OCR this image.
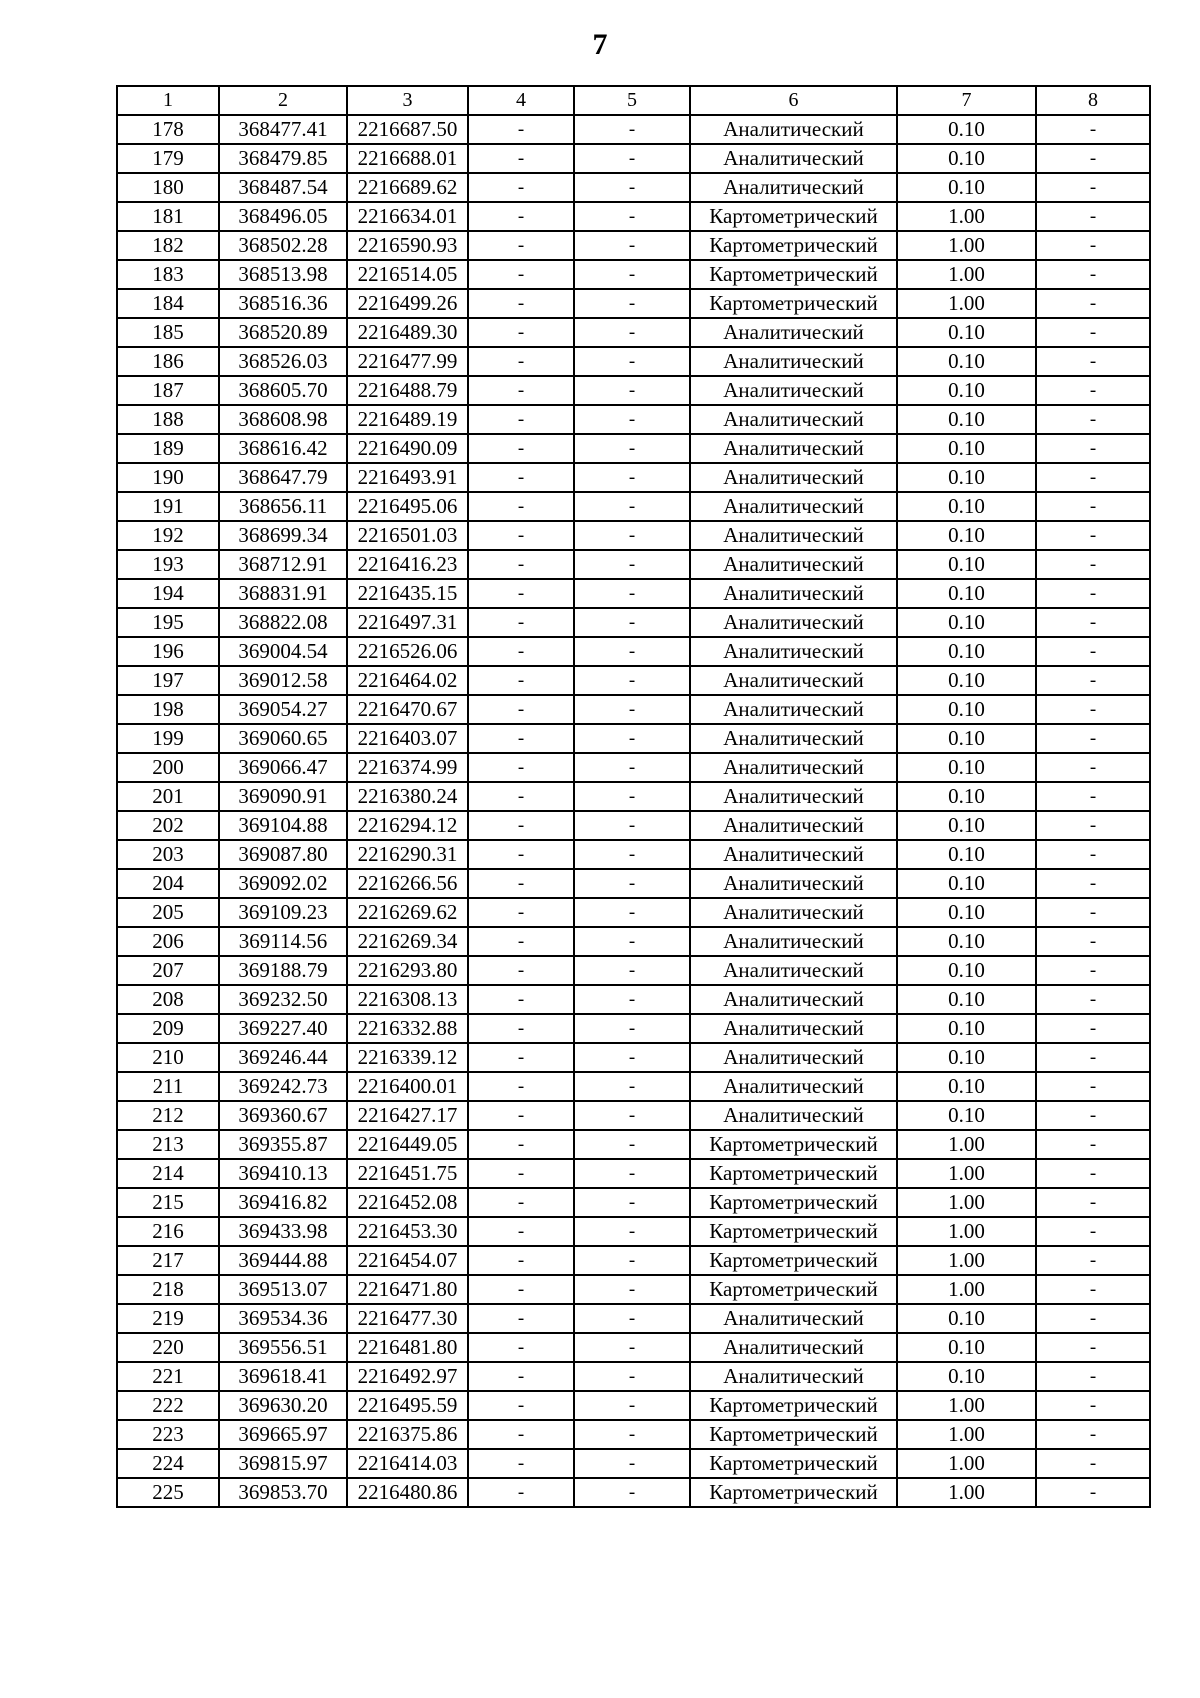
7
1	2	3	4	5	6	7	8
178	368477.41	2216687.50	-	-	Аналитический	0.10	-
179	368479.85	2216688.01	-	-	Аналитический	0.10	-
180	368487.54	2216689.62	-	-	Аналитический	0.10	-
181	368496.05	2216634.01	-	-	Картометрический	1.00	-
182	368502.28	2216590.93	-	-	Картометрический	1.00	-
183	368513.98	2216514.05	-	-	Картометрический	1.00	-
184	368516.36	2216499.26	-	-	Картометрический	1.00	-
185	368520.89	2216489.30	-	-	Аналитический	0.10	-
186	368526.03	2216477.99	-	-	Аналитический	0.10	-
187	368605.70	2216488.79	-	-	Аналитический	0.10	-
188	368608.98	2216489.19	-	-	Аналитический	0.10	-
189	368616.42	2216490.09	-	-	Аналитический	0.10	-
190	368647.79	2216493.91	-	-	Аналитический	0.10	-
191	368656.11	2216495.06	-	-	Аналитический	0.10	-
192	368699.34	2216501.03	-	-	Аналитический	0.10	-
193	368712.91	2216416.23	-	-	Аналитический	0.10	-
194	368831.91	2216435.15	-	-	Аналитический	0.10	-
195	368822.08	2216497.31	-	-	Аналитический	0.10	-
196	369004.54	2216526.06	-	-	Аналитический	0.10	-
197	369012.58	2216464.02	-	-	Аналитический	0.10	-
198	369054.27	2216470.67	-	-	Аналитический	0.10	-
199	369060.65	2216403.07	-	-	Аналитический	0.10	-
200	369066.47	2216374.99	-	-	Аналитический	0.10	-
201	369090.91	2216380.24	-	-	Аналитический	0.10	-
202	369104.88	2216294.12	-	-	Аналитический	0.10	-
203	369087.80	2216290.31	-	-	Аналитический	0.10	-
204	369092.02	2216266.56	-	-	Аналитический	0.10	-
205	369109.23	2216269.62	-	-	Аналитический	0.10	-
206	369114.56	2216269.34	-	-	Аналитический	0.10	-
207	369188.79	2216293.80	-	-	Аналитический	0.10	-
208	369232.50	2216308.13	-	-	Аналитический	0.10	-
209	369227.40	2216332.88	-	-	Аналитический	0.10	-
210	369246.44	2216339.12	-	-	Аналитический	0.10	-
211	369242.73	2216400.01	-	-	Аналитический	0.10	-
212	369360.67	2216427.17	-	-	Аналитический	0.10	-
213	369355.87	2216449.05	-	-	Картометрический	1.00	-
214	369410.13	2216451.75	-	-	Картометрический	1.00	-
215	369416.82	2216452.08	-	-	Картометрический	1.00	-
216	369433.98	2216453.30	-	-	Картометрический	1.00	-
217	369444.88	2216454.07	-	-	Картометрический	1.00	-
218	369513.07	2216471.80	-	-	Картометрический	1.00	-
219	369534.36	2216477.30	-	-	Аналитический	0.10	-
220	369556.51	2216481.80	-	-	Аналитический	0.10	-
221	369618.41	2216492.97	-	-	Аналитический	0.10	-
222	369630.20	2216495.59	-	-	Картометрический	1.00	-
223	369665.97	2216375.86	-	-	Картометрический	1.00	-
224	369815.97	2216414.03	-	-	Картометрический	1.00	-
225	369853.70	2216480.86	-	-	Картометрический	1.00	-
